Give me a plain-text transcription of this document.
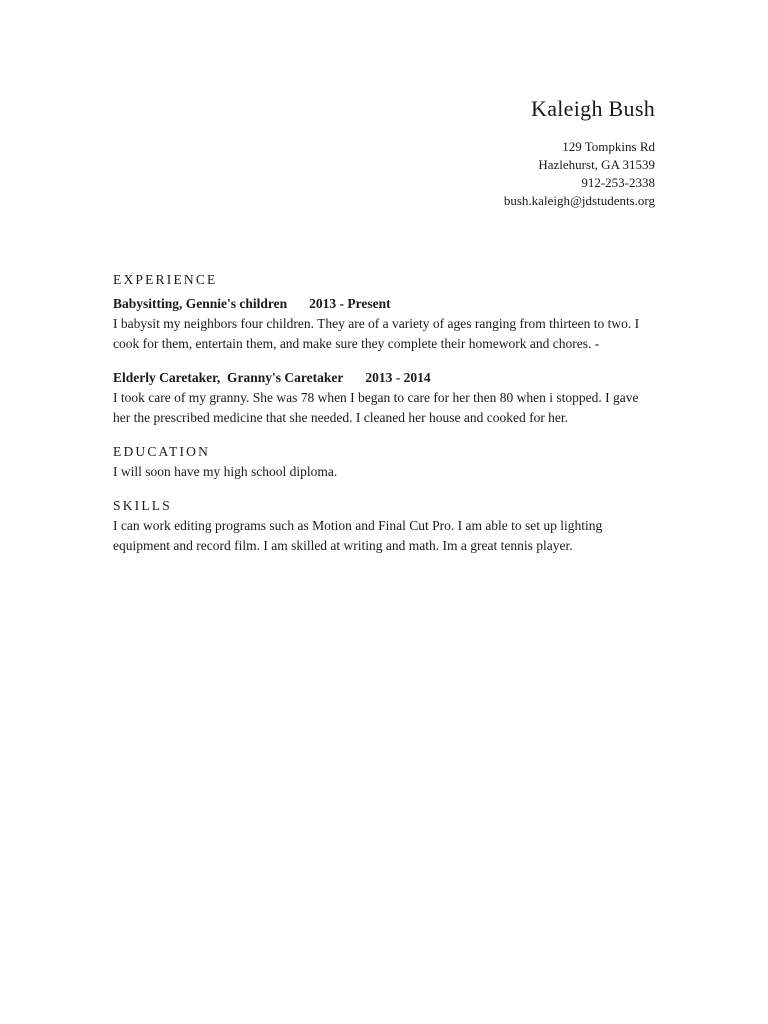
Kaleigh Bush
129 Tompkins Rd
Hazlehurst, GA 31539
912-253-2338
bush.kaleigh@jdstudents.org
EXPERIENCE
Babysitting, Gennie's children 2013 - Present

I babysit my neighbors four children. They are of a variety of ages ranging from thirteen to two. I cook for them, entertain them, and make sure they complete their homework and chores. -

Elderly Caretaker,  Granny's Caretaker 2013 - 2014

I took care of my granny. She was 78 when I began to care for her then 80 when i stopped. I gave her the prescribed medicine that she needed. I cleaned her house and cooked for her.

EDUCATION

I will soon have my high school diploma.

SKILLS

I can work editing programs such as Motion and Final Cut Pro. I am able to set up lighting equipment and record film. I am skilled at writing and math. Im a great tennis player.
